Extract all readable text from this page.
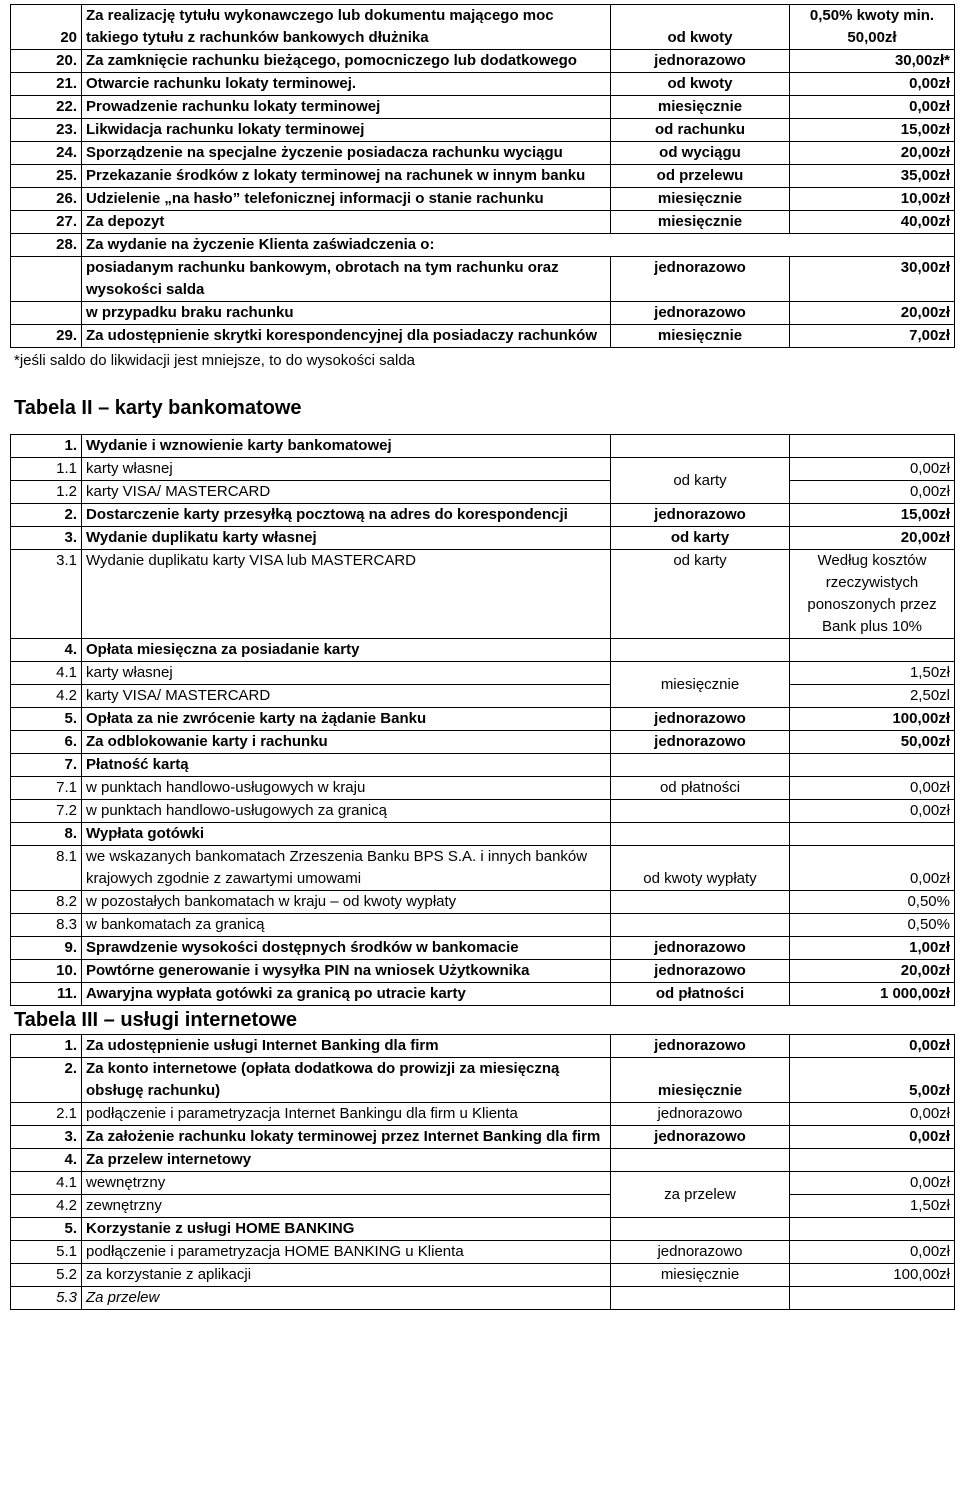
20	Za realizację tytułu wykonawczego lub dokumentu mającego moc takiego tytułu z rachunków bankowych dłużnika	od kwoty	0,50% kwoty min. 50,00zł
20.	Za zamknięcie rachunku bieżącego, pomocniczego lub dodatkowego	jednorazowo	30,00zł*
21.	Otwarcie rachunku lokaty terminowej.	od kwoty	0,00zł
22.	Prowadzenie rachunku lokaty terminowej	miesięcznie	0,00zł
23.	Likwidacja rachunku lokaty terminowej	od rachunku	15,00zł
24.	Sporządzenie na specjalne życzenie posiadacza rachunku wyciągu	od wyciągu	20,00zł
25.	Przekazanie środków z lokaty terminowej na rachunek w innym banku	od przelewu	35,00zł
26.	Udzielenie „na hasło” telefonicznej informacji o stanie rachunku	miesięcznie	10,00zł
27.	Za depozyt	miesięcznie	40,00zł
28.	Za wydanie na życzenie Klienta zaświadczenia o:		
	posiadanym rachunku bankowym, obrotach na tym rachunku oraz wysokości salda	jednorazowo	30,00zł
	w przypadku braku rachunku	jednorazowo	20,00zł
29.	Za udostępnienie skrytki korespondencyjnej dla posiadaczy rachunków	miesięcznie	7,00zł
*jeśli saldo do likwidacji jest mniejsze, to do wysokości salda
Tabela II – karty bankomatowe
1.	Wydanie i wznowienie karty bankomatowej		
1.1	karty własnej	od karty	0,00zł
1.2	karty VISA/ MASTERCARD		0,00zł
2.	Dostarczenie karty przesyłką pocztową na adres do korespondencji	jednorazowo	15,00zł
3.	Wydanie duplikatu karty własnej	od karty	20,00zł
3.1	Wydanie duplikatu karty VISA lub MASTERCARD	od karty	Według kosztów rzeczywistych ponoszonych przez Bank plus 10%
4.	Opłata miesięczna za posiadanie karty		
4.1	karty własnej	miesięcznie	1,50zł
4.2	karty VISA/ MASTERCARD		2,50zl
5.	Opłata za nie zwrócenie karty na żądanie Banku	jednorazowo	100,00zł
6.	Za odblokowanie karty i rachunku	jednorazowo	50,00zł
7.	Płatność kartą		
7.1	w punktach handlowo-usługowych w kraju	od płatności	0,00zł
7.2	w punktach handlowo-usługowych za granicą		0,00zł
8.	Wypłata gotówki		
8.1	we wskazanych bankomatach Zrzeszenia Banku BPS S.A. i innych banków krajowych zgodnie z zawartymi umowami	od kwoty wypłaty	0,00zł
8.2	w pozostałych bankomatach w kraju – od kwoty wypłaty		0,50%
8.3	w bankomatach za granicą		0,50%
9.	Sprawdzenie wysokości dostępnych środków w bankomacie	jednorazowo	1,00zł
10.	Powtórne generowanie i wysyłka PIN na wniosek Użytkownika	jednorazowo	20,00zł
11.	Awaryjna wypłata gotówki za granicą po utracie karty	od płatności	1 000,00zł
Tabela III – usługi internetowe
1.	Za udostępnienie usługi Internet Banking dla firm	jednorazowo	0,00zł
2.	Za konto internetowe (opłata dodatkowa do prowizji za miesięczną obsługę rachunku)	miesięcznie	5,00zł
2.1	podłączenie i parametryzacja Internet Bankingu dla firm u Klienta	jednorazowo	0,00zł
3.	Za założenie rachunku lokaty terminowej przez Internet Banking dla firm	jednorazowo	0,00zł
4.	Za przelew internetowy		
4.1	wewnętrzny	za przelew	0,00zł
4.2	zewnętrzny		1,50zł
5.	Korzystanie z usługi HOME BANKING		
5.1	podłączenie i parametryzacja HOME BANKING u Klienta	jednorazowo	0,00zł
5.2	za korzystanie z aplikacji	miesięcznie	100,00zł
5.3	Za przelew		
